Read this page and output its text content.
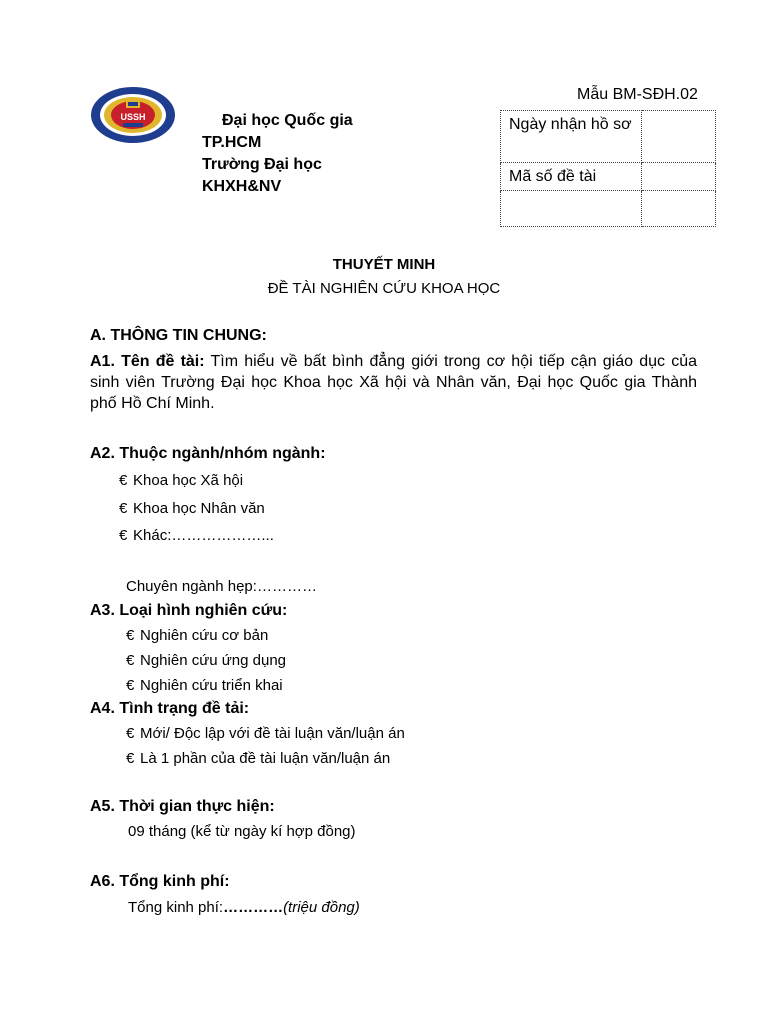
USSH
Mẫu BM-SĐH.02
Đại học Quốc gia
TP.HCM
Trường Đại học
KHXH&NV
Ngày nhận hồ sơ	
Mã số đề tài	

THUYẾT MINH
ĐỀ TÀI NGHIÊN CỨU KHOA HỌC
A. THÔNG TIN CHUNG:
A1. Tên đề tài: Tìm hiểu về bất bình đẳng giới trong cơ hội tiếp cận giáo dục của sinh viên Trường Đại học Khoa học Xã hội và Nhân văn, Đại học Quốc gia Thành phố Hồ Chí Minh.
A2. Thuộc ngành/nhóm ngành:
€ Khoa học Xã hội
€ Khoa học Nhân văn
€ Khác:………………...
Chuyên ngành hẹp:…………
A3. Loại hình nghiên cứu:
€ Nghiên cứu cơ bản
€ Nghiên cứu ứng dụng
€ Nghiên cứu triển khai
A4. Tình trạng đề tải:
€ Mới/ Độc lập với đề tài luận văn/luận án
€ Là 1 phần của đề tài luận văn/luận án
A5. Thời gian thực hiện:
09 tháng (kể từ ngày kí hợp đồng)
A6. Tổng kinh phí:
Tổng kinh phí:…………(triệu đồng)
